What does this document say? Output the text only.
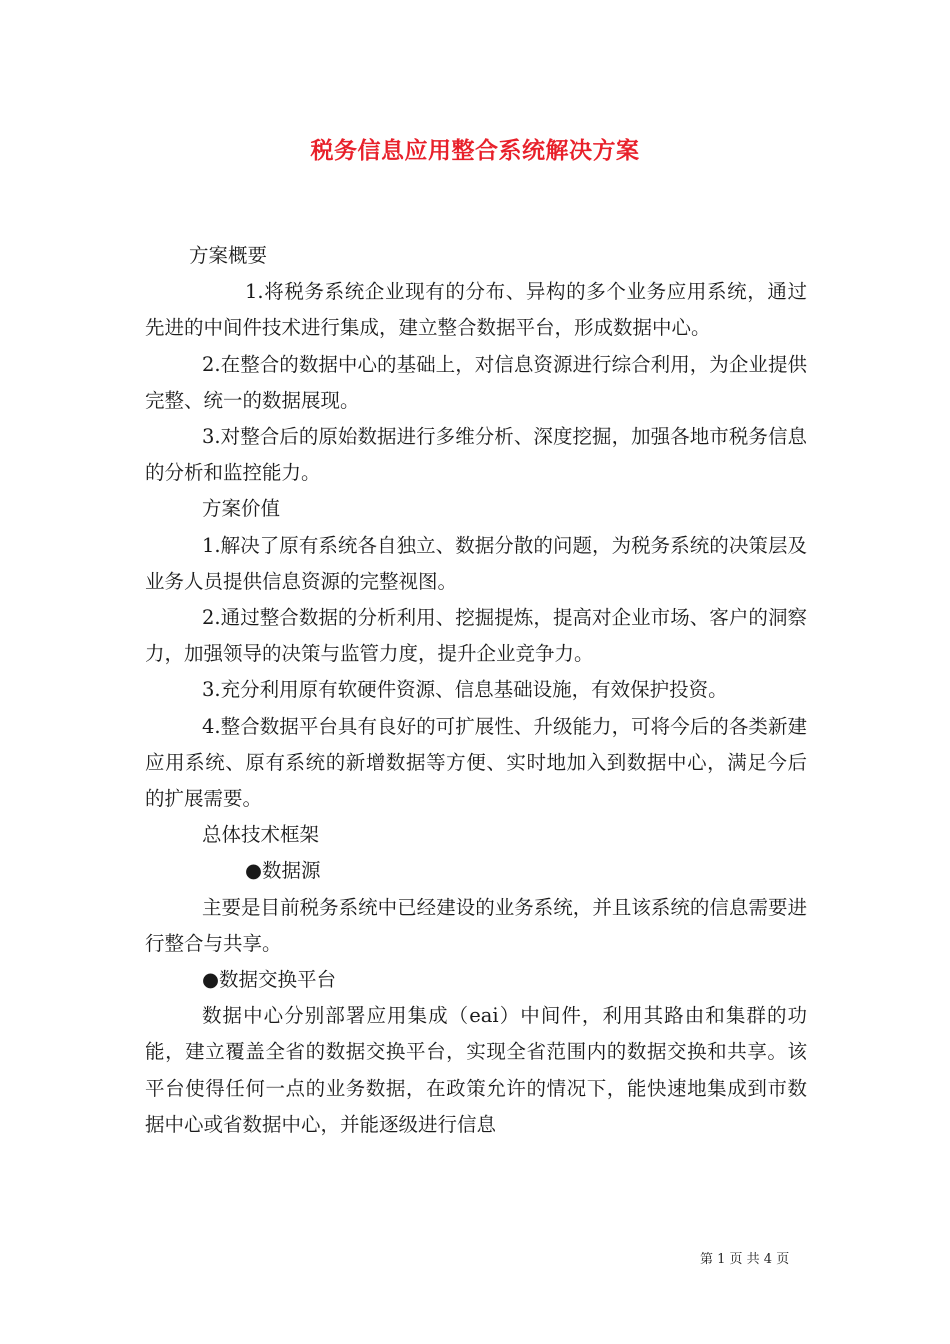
税务信息应用整合系统解决方案

方案概要

1.将税务系统企业现有的分布、异构的多个业务应用系统，通过先进的中间件技术进行集成，建立整合数据平台，形成数据中心。

2.在整合的数据中心的基础上，对信息资源进行综合利用，为企业提供完整、统一的数据展现。

3.对整合后的原始数据进行多维分析、深度挖掘，加强各地市税务信息的分析和监控能力。

方案价值

1.解决了原有系统各自独立、数据分散的问题，为税务系统的决策层及业务人员提供信息资源的完整视图。

2.通过整合数据的分析利用、挖掘提炼，提高对企业市场、客户的洞察力，加强领导的决策与监管力度，提升企业竞争力。

3.充分利用原有软硬件资源、信息基础设施，有效保护投资。

4.整合数据平台具有良好的可扩展性、升级能力，可将今后的各类新建应用系统、原有系统的新增数据等方便、实时地加入到数据中心，满足今后的扩展需要。

总体技术框架

●数据源

主要是目前税务系统中已经建设的业务系统，并且该系统的信息需要进行整合与共享。

●数据交换平台

数据中心分别部署应用集成（eai）中间件，利用其路由和集群的功能，建立覆盖全省的数据交换平台，实现全省范围内的数据交换和共享。该平台使得任何一点的业务数据，在政策允许的情况下，能快速地集成到市数据中心或省数据中心，并能逐级进行信息

第 1 页 共 4 页
